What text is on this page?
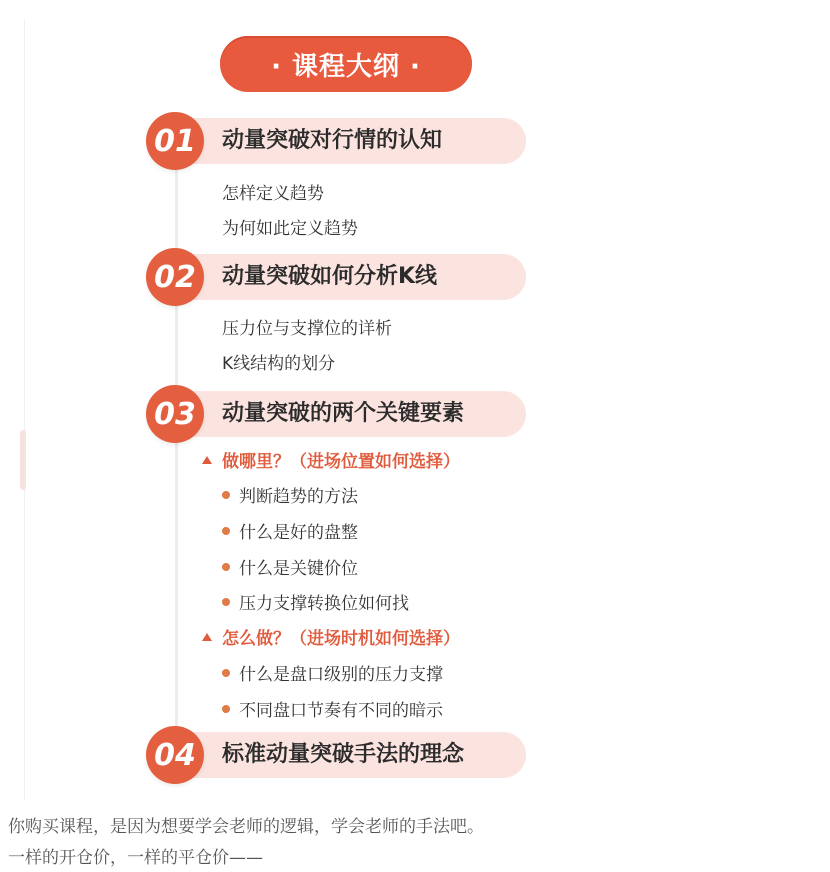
· 课程大纲 ·
01	动量突破对行情的认知
怎样定义趋势
为何如此定义趋势
02	动量突破如何分析K线
压力位与支撑位的详析
K线结构的划分
03	动量突破的两个关键要素
做哪里？（进场位置如何选择）
判断趋势的方法
什么是好的盘整
什么是关键价位
压力支撑转换位如何找
怎么做？（进场时机如何选择）
什么是盘口级别的压力支撑
不同盘口节奏有不同的暗示
04	标准动量突破手法的理念
你购买课程，是因为想要学会老师的逻辑，学会老师的手法吧。
一样的开仓价，一样的平仓价——
